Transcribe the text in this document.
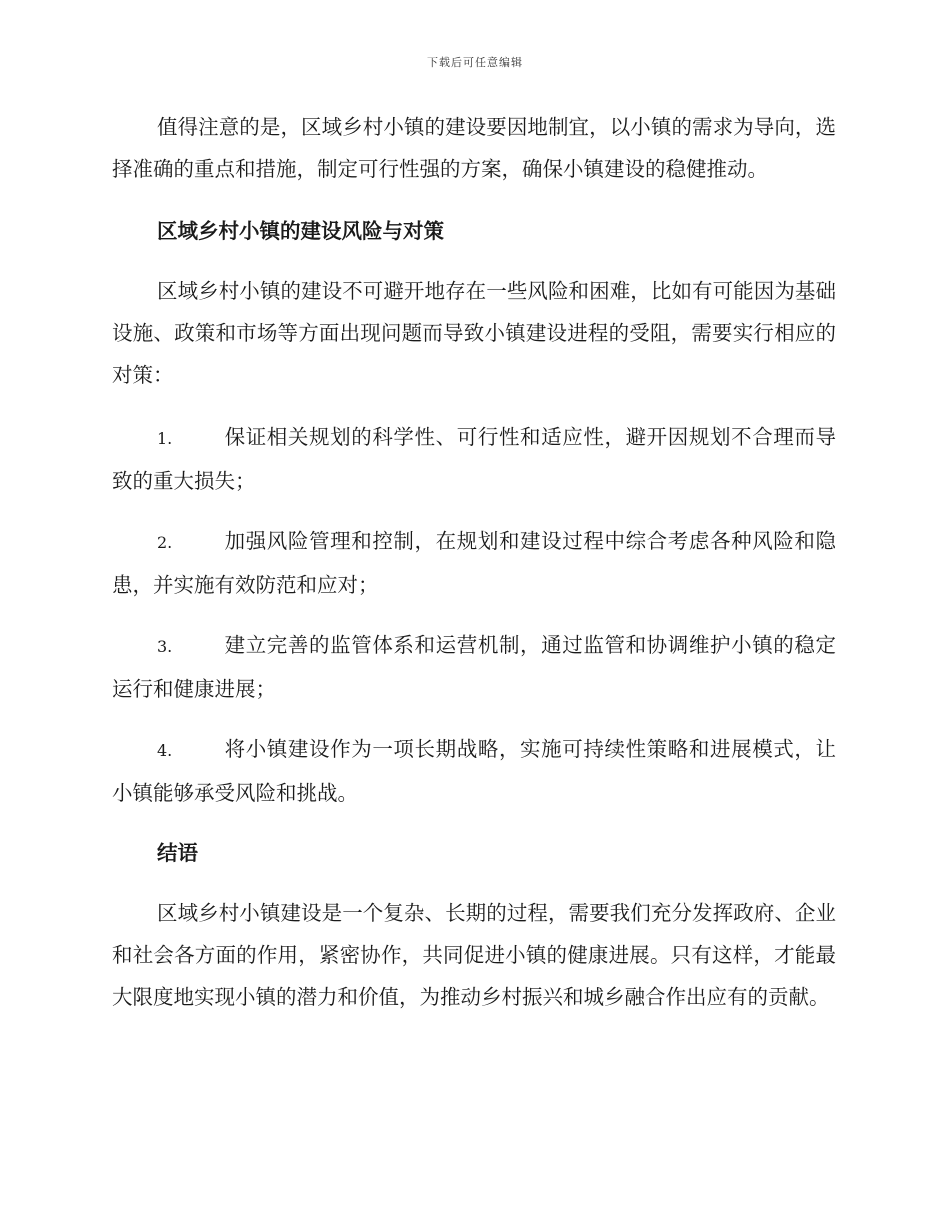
下载后可任意编辑

值得注意的是，区域乡村小镇的建设要因地制宜，以小镇的需求为导向，选择准确的重点和措施，制定可行性强的方案，确保小镇建设的稳健推动。

区域乡村小镇的建设风险与对策

区域乡村小镇的建设不可避开地存在一些风险和困难，比如有可能因为基础设施、政策和市场等方面出现问题而导致小镇建设进程的受阻，需要实行相应的对策：

1.	保证相关规划的科学性、可行性和适应性，避开因规划不合理而导致的重大损失；
2.	加强风险管理和控制，在规划和建设过程中综合考虑各种风险和隐患，并实施有效防范和应对；
3.	建立完善的监管体系和运营机制，通过监管和协调维护小镇的稳定运行和健康进展；
4.	将小镇建设作为一项长期战略，实施可持续性策略和进展模式，让小镇能够承受风险和挑战。
结语

区域乡村小镇建设是一个复杂、长期的过程，需要我们充分发挥政府、企业和社会各方面的作用，紧密协作，共同促进小镇的健康进展。只有这样，才能最大限度地实现小镇的潜力和价值，为推动乡村振兴和城乡融合作出应有的贡献。
